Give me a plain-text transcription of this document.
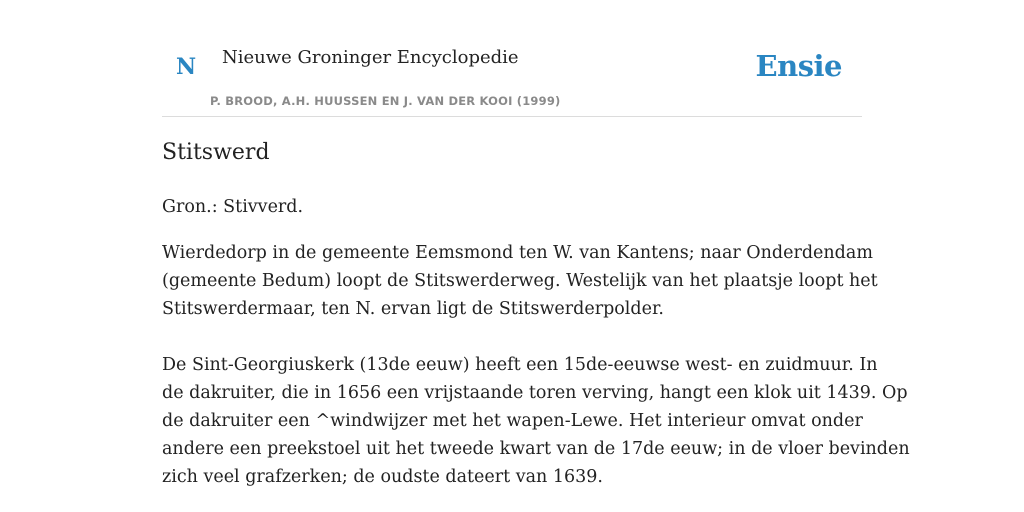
N Nieuwe Groninger Encyclopedie
P. BROOD, A.H. HUUSSEN EN J. VAN DER KOOI (1999)
Ensie
Stitswerd

Gron.: Stivverd.

Wierdedorp in de gemeente Eemsmond ten W. van Kantens; naar Onderdendam
(gemeente Bedum) loopt de Stitswerderweg. Westelijk van het plaatsje loopt het
Stitswerdermaar, ten N. ervan ligt de Stitswerderpolder.

De Sint-Georgiuskerk (13de eeuw) heeft een 15de-eeuwse west- en zuidmuur. In
de dakruiter, die in 1656 een vrijstaande toren verving, hangt een klok uit 1439. Op
de dakruiter een ^windwijzer met het wapen-Lewe. Het interieur omvat onder
andere een preekstoel uit het tweede kwart van de 17de eeuw; in de vloer bevinden
zich veel grafzerken; de oudste dateert van 1639.
